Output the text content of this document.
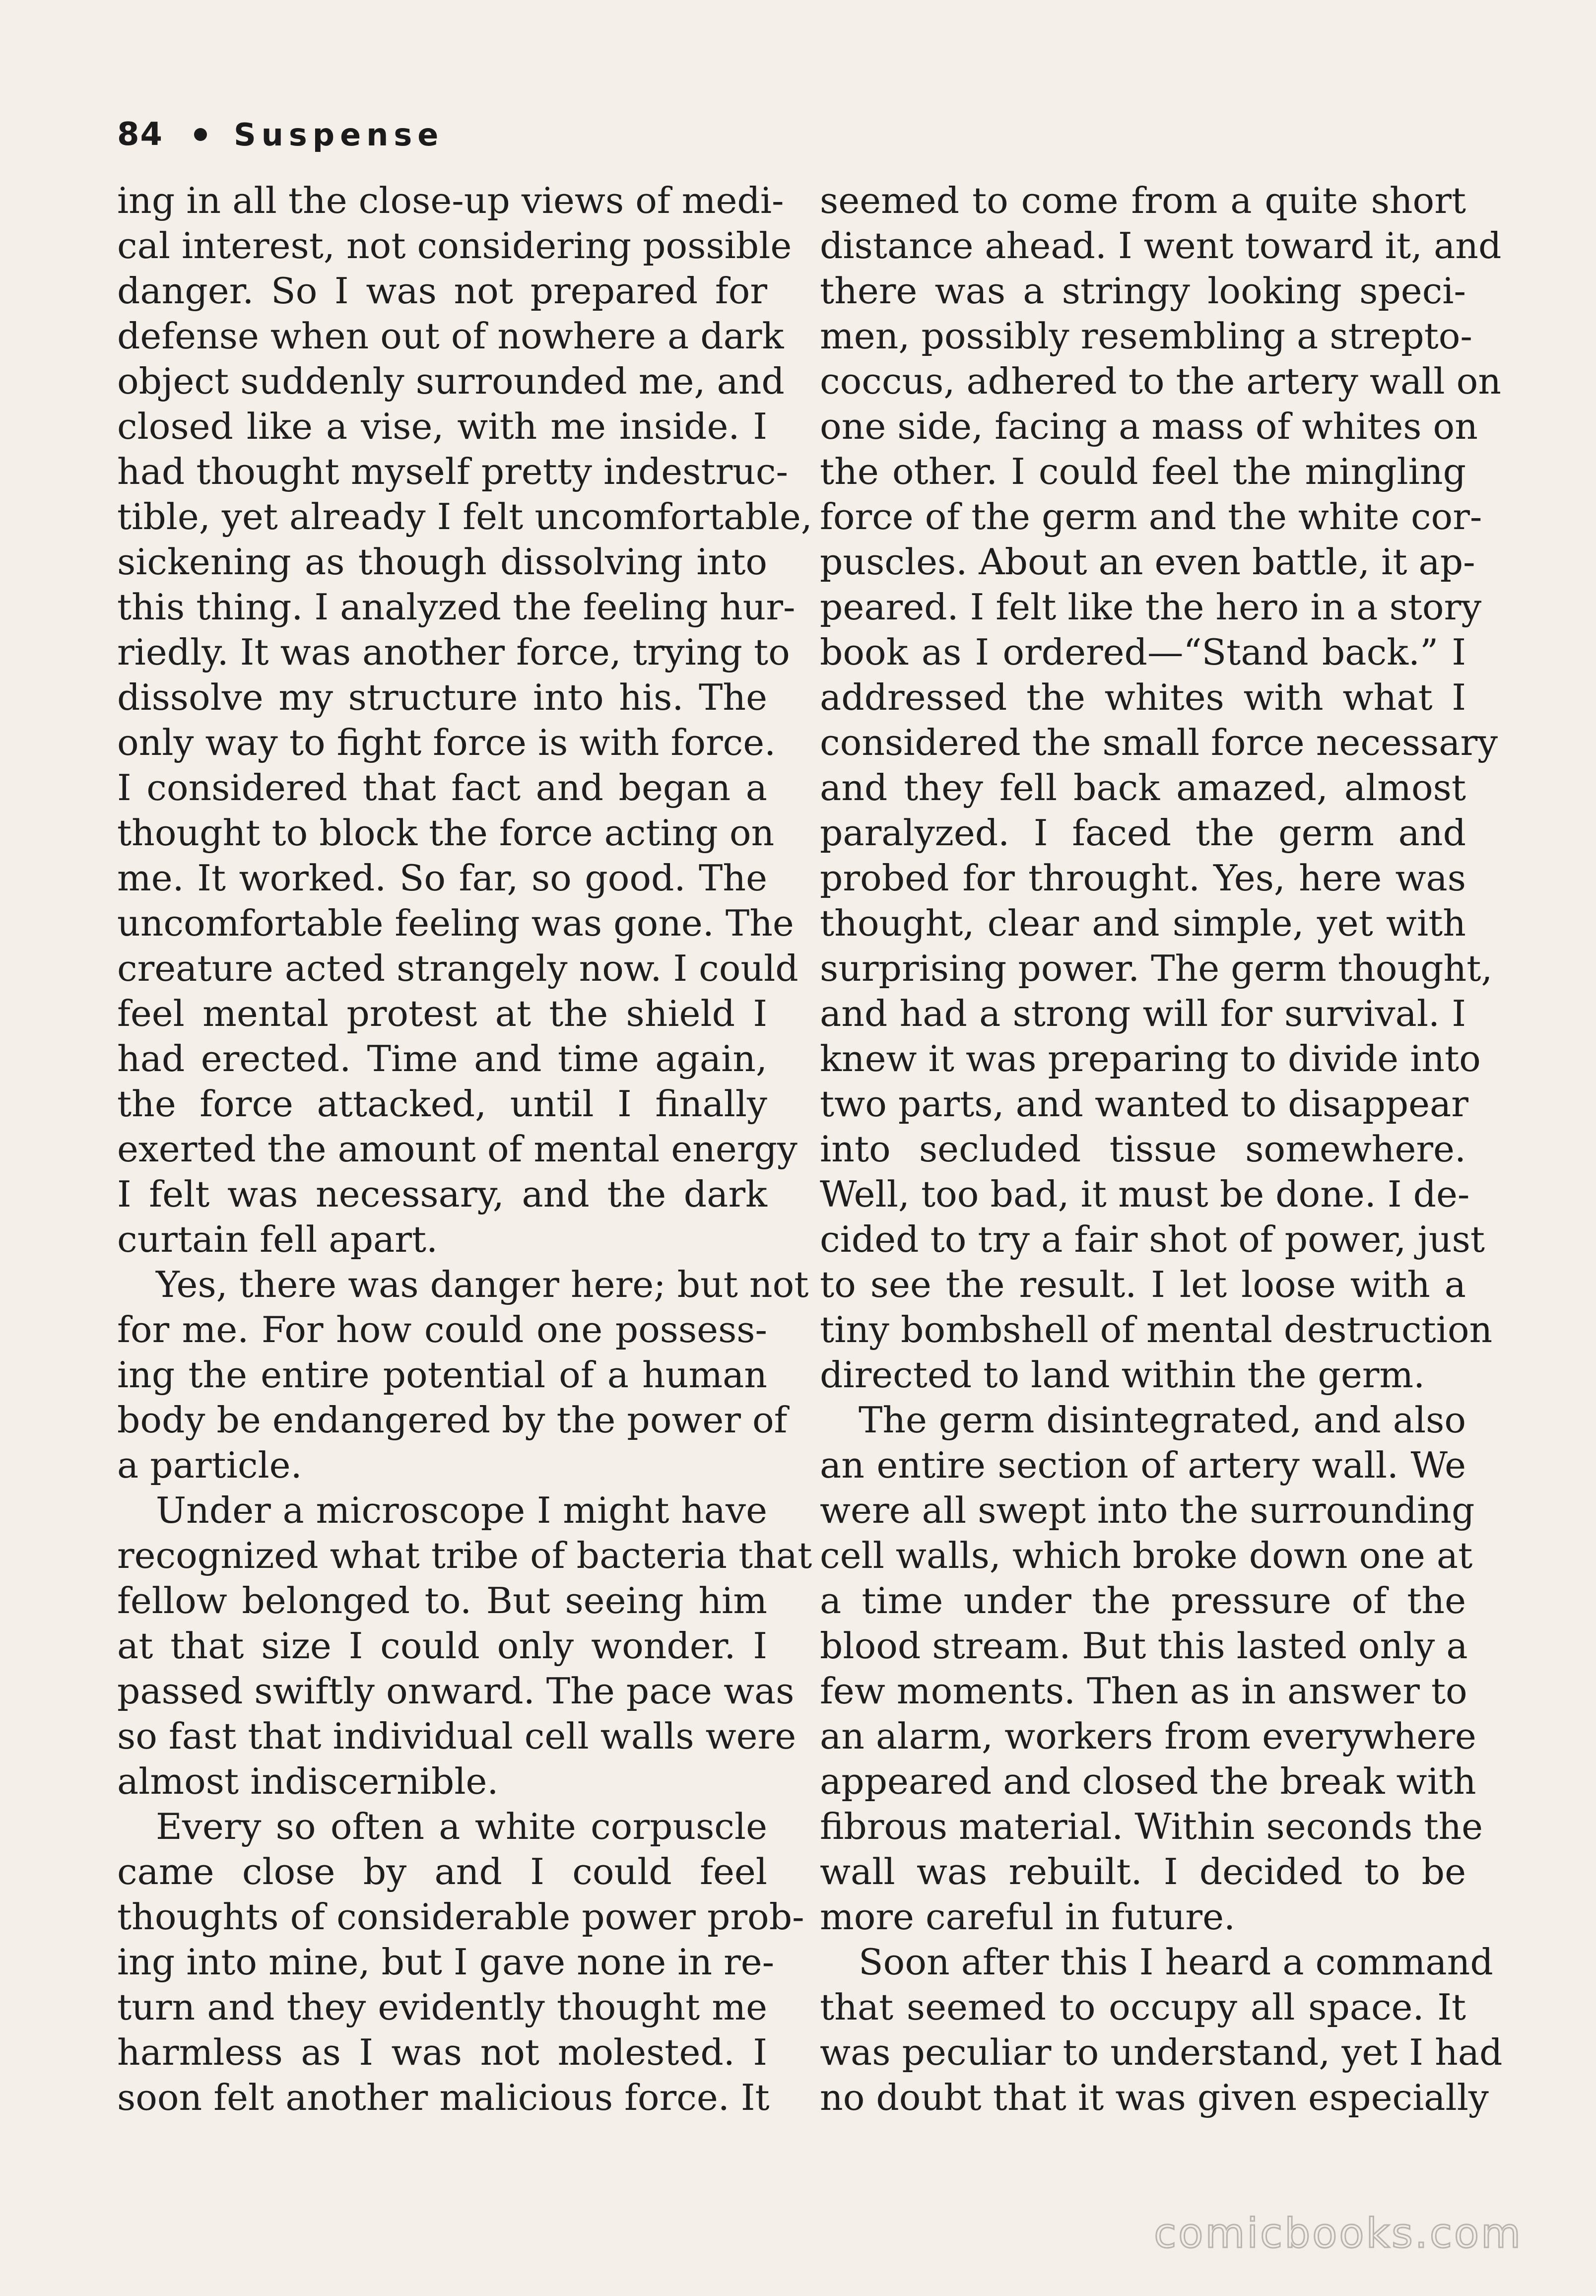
84 Suspense
ing in all the close-up views of medi-
cal interest, not considering possible
danger. So I was not prepared for
defense when out of nowhere a dark
object suddenly surrounded me, and
closed like a vise, with me inside. I
had thought myself pretty indestruc-
tible, yet already I felt uncomfortable,
sickening as though dissolving into
this thing. I analyzed the feeling hur-
riedly. It was another force, trying to
dissolve my structure into his. The
only way to fight force is with force.
I considered that fact and began a
thought to block the force acting on
me. It worked. So far, so good. The
uncomfortable feeling was gone. The
creature acted strangely now. I could
feel mental protest at the shield I
had erected. Time and time again,
the force attacked, until I finally
exerted the amount of mental energy
I felt was necessary, and the dark
curtain fell apart.
Yes, there was danger here; but not
for me. For how could one possess-
ing the entire potential of a human
body be endangered by the power of
a particle.
Under a microscope I might have
recognized what tribe of bacteria that
fellow belonged to. But seeing him
at that size I could only wonder. I
passed swiftly onward. The pace was
so fast that individual cell walls were
almost indiscernible.
Every so often a white corpuscle
came close by and I could feel
thoughts of considerable power prob-
ing into mine, but I gave none in re-
turn and they evidently thought me
harmless as I was not molested. I
soon felt another malicious force. It
seemed to come from a quite short
distance ahead. I went toward it, and
there was a stringy looking speci-
men, possibly resembling a strepto-
coccus, adhered to the artery wall on
one side, facing a mass of whites on
the other. I could feel the mingling
force of the germ and the white cor-
puscles. About an even battle, it ap-
peared. I felt like the hero in a story
book as I ordered—“Stand back.” I
addressed the whites with what I
considered the small force necessary
and they fell back amazed, almost
paralyzed. I faced the germ and
probed for throught. Yes, here was
thought, clear and simple, yet with
surprising power. The germ thought,
and had a strong will for survival. I
knew it was preparing to divide into
two parts, and wanted to disappear
into secluded tissue somewhere.
Well, too bad, it must be done. I de-
cided to try a fair shot of power, just
to see the result. I let loose with a
tiny bombshell of mental destruction
directed to land within the germ.
The germ disintegrated, and also
an entire section of artery wall. We
were all swept into the surrounding
cell walls, which broke down one at
a time under the pressure of the
blood stream. But this lasted only a
few moments. Then as in answer to
an alarm, workers from everywhere
appeared and closed the break with
fibrous material. Within seconds the
wall was rebuilt. I decided to be
more careful in future.
Soon after this I heard a command
that seemed to occupy all space. It
was peculiar to understand, yet I had
no doubt that it was given especially
comicbooks.com
